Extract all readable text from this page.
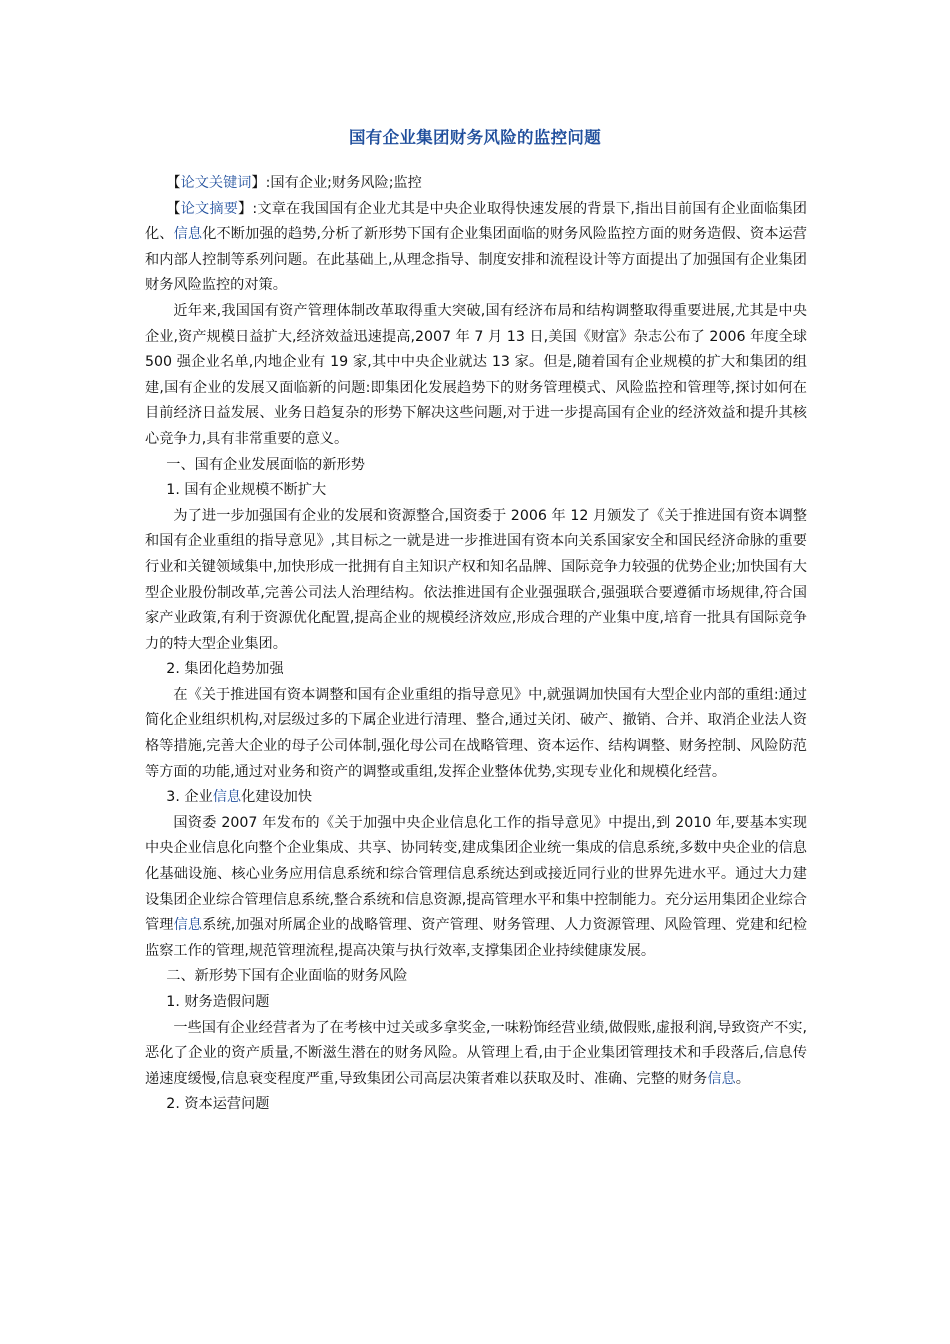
国有企业集团财务风险的监控问题

【论文关键词】:国有企业;财务风险;监控

【论文摘要】:文章在我国国有企业尤其是中央企业取得快速发展的背景下,指出目前国有企业面临集团化、信息化不断加强的趋势,分析了新形势下国有企业集团面临的财务风险监控方面的财务造假、资本运营和内部人控制等系列问题。在此基础上,从理念指导、制度安排和流程设计等方面提出了加强国有企业集团财务风险监控的对策。

近年来,我国国有资产管理体制改革取得重大突破,国有经济布局和结构调整取得重要进展,尤其是中央企业,资产规模日益扩大,经济效益迅速提高,2007 年 7 月 13 日,美国《财富》杂志公布了 2006 年度全球 500 强企业名单,内地企业有 19 家,其中中央企业就达 13 家。但是,随着国有企业规模的扩大和集团的组建,国有企业的发展又面临新的问题:即集团化发展趋势下的财务管理模式、风险监控和管理等,探讨如何在目前经济日益发展、业务日趋复杂的形势下解决这些问题,对于进一步提高国有企业的经济效益和提升其核心竞争力,具有非常重要的意义。

一、国有企业发展面临的新形势

1. 国有企业规模不断扩大

为了进一步加强国有企业的发展和资源整合,国资委于 2006 年 12 月颁发了《关于推进国有资本调整和国有企业重组的指导意见》,其目标之一就是进一步推进国有资本向关系国家安全和国民经济命脉的重要行业和关键领域集中,加快形成一批拥有自主知识产权和知名品牌、国际竞争力较强的优势企业;加快国有大型企业股份制改革,完善公司法人治理结构。依法推进国有企业强强联合,强强联合要遵循市场规律,符合国家产业政策,有利于资源优化配置,提高企业的规模经济效应,形成合理的产业集中度,培育一批具有国际竞争力的特大型企业集团。

2. 集团化趋势加强

在《关于推进国有资本调整和国有企业重组的指导意见》中,就强调加快国有大型企业内部的重组:通过简化企业组织机构,对层级过多的下属企业进行清理、整合,通过关闭、破产、撤销、合并、取消企业法人资格等措施,完善大企业的母子公司体制,强化母公司在战略管理、资本运作、结构调整、财务控制、风险防范等方面的功能,通过对业务和资产的调整或重组,发挥企业整体优势,实现专业化和规模化经营。

3. 企业信息化建设加快

国资委 2007 年发布的《关于加强中央企业信息化工作的指导意见》中提出,到 2010 年,要基本实现中央企业信息化向整个企业集成、共享、协同转变,建成集团企业统一集成的信息系统,多数中央企业的信息化基础设施、核心业务应用信息系统和综合管理信息系统达到或接近同行业的世界先进水平。通过大力建设集团企业综合管理信息系统,整合系统和信息资源,提高管理水平和集中控制能力。充分运用集团企业综合管理信息系统,加强对所属企业的战略管理、资产管理、财务管理、人力资源管理、风险管理、党建和纪检监察工作的管理,规范管理流程,提高决策与执行效率,支撑集团企业持续健康发展。

二、新形势下国有企业面临的财务风险

1. 财务造假问题

一些国有企业经营者为了在考核中过关或多拿奖金,一味粉饰经营业绩,做假账,虚报利润,导致资产不实,恶化了企业的资产质量,不断滋生潜在的财务风险。从管理上看,由于企业集团管理技术和手段落后,信息传递速度缓慢,信息衰变程度严重,导致集团公司高层决策者难以获取及时、准确、完整的财务信息。

2. 资本运营问题
